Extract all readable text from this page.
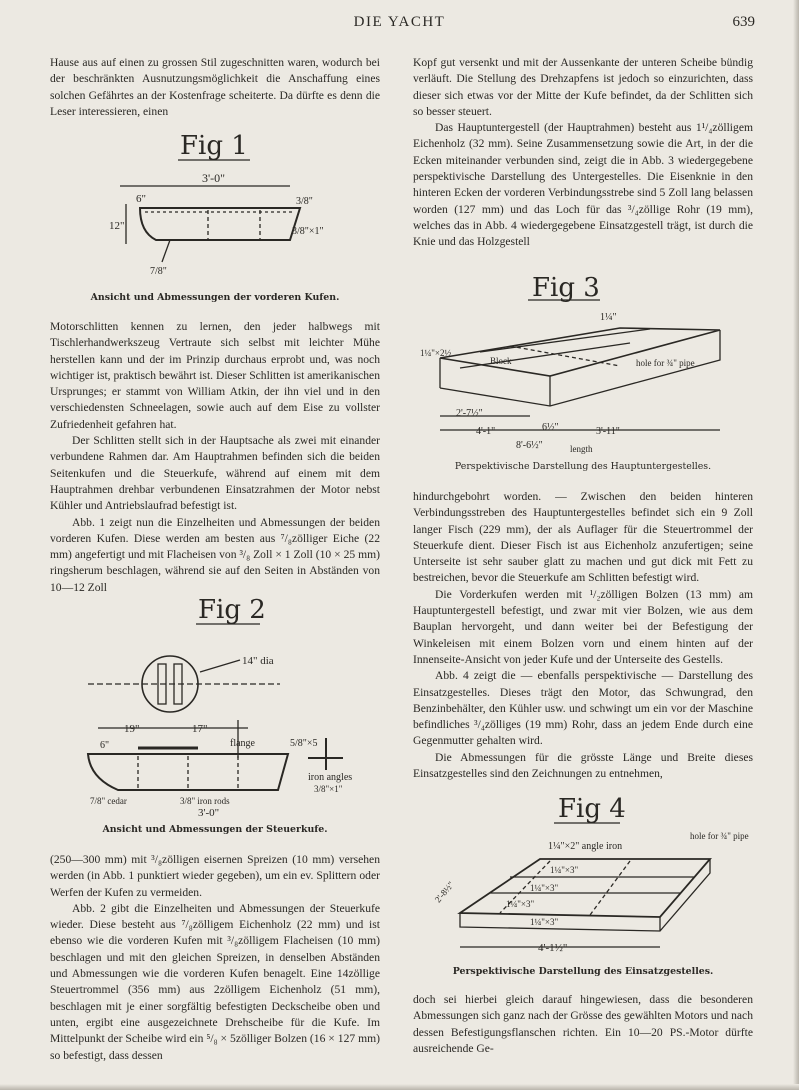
DIE YACHT	639

Hause aus auf einen zu grossen Stil zugeschnitten waren, wodurch bei der beschränkten Ausnutzungsmöglichkeit die Anschaffung eines solchen Gefährtes an der Kostenfrage scheiterte. Da dürfte es denn die Leser interessieren, einen

Fig 1
3'-0"
12"
6"	3/8"
3/8"×1"
7/8"
Ansicht und Abmessungen der vorderen Kufen.

Motorschlitten kennen zu lernen, den jeder halbwegs mit Tischlerhandwerkszeug Vertraute sich selbst mit leichter Mühe herstellen kann und der im Prinzip durchaus erprobt und, was noch wichtiger ist, praktisch bewährt ist. Dieser Schlitten ist amerikanischen Ursprunges; er stammt von William Atkin, der ihn viel und in den verschiedensten Schneelagen, sowie auch auf dem Eise zu vollster Zufriedenheit gefahren hat.

Der Schlitten stellt sich in der Hauptsache als zwei mit einander verbundene Rahmen dar. Am Hauptrahmen befinden sich die beiden Seitenkufen und die Steuerkufe, während auf einem mit dem Hauptrahmen drehbar verbundenen Einsatzrahmen der Motor nebst Kühler und Antriebslaufrad befestigt ist.

Abb. 1 zeigt nun die Einzelheiten und Abmessungen der beiden vorderen Kufen. Diese werden am besten aus ⁷/₈zölliger Eiche (22 mm) angefertigt und mit Flacheisen von ³/₈ Zoll × 1 Zoll (10 × 25 mm) ringsherum beschlagen, während sie auf den Seiten in Abständen von 10—12 Zoll

Fig 2
14" dia
19"	17"
flange	5/8"×5
6"
iron angles
3/8"×1"
3/8" iron rods
7/8" cedar
3'-0"
Ansicht und Abmessungen der Steuerkufe.

(250—300 mm) mit ³/₈zölligen eisernen Spreizen (10 mm) versehen werden (in Abb. 1 punktiert wieder gegeben), um ein ev. Splittern oder Werfen der Kufen zu vermeiden.

Abb. 2 gibt die Einzelheiten und Abmessungen der Steuerkufe wieder. Diese besteht aus ⁷/₈zölligem Eichenholz (22 mm) und ist ebenso wie die vorderen Kufen mit ³/₈zölligem Flacheisen (10 mm) beschlagen und mit den gleichen Spreizen, in denselben Abständen und Abmessungen wie die vorderen Kufen benagelt. Eine 14zöllige Steuertrommel (356 mm) aus 2zölligem Eichenholz (51 mm), beschlagen mit je einer sorgfältig befestigten Deckscheibe oben und unten, ergibt eine ausgezeichnete Drehscheibe für die Kufe. Im Mittelpunkt der Scheibe wird ein ⁵/₈ × 5zölliger Bolzen (16 × 127 mm) so befestigt, dass dessen

Kopf gut versenkt und mit der Aussenkante der unteren Scheibe bündig verläuft. Die Stellung des Drehzapfens ist jedoch so einzurichten, dass dieser sich etwas vor der Mitte der Kufe befindet, da der Schlitten sich so besser steuert.

Das Hauptuntergestell (der Hauptrahmen) besteht aus 1¹/₄zölligem Eichenholz (32 mm). Seine Zusammensetzung sowie die Art, in der die Ecken miteinander verbunden sind, zeigt die in Abb. 3 wiedergegebene perspektivische Darstellung des Untergestelles. Die Eisenknie in den hinteren Ecken der vorderen Verbindungsstrebe sind 5 Zoll lang belassen worden (127 mm) und das Loch für das ³/₄zöllige Rohr (19 mm), welches das in Abb. 4 wiedergegebene Einsatzgestell trägt, ist durch die Knie und das Holzgestell

Fig 3
1¼"
1¼"×2½
Block	hole for ¾" pipe
2'-7½"
4'-1"	6½"	3'-11"
8'-6½"	length
Perspektivische Darstellung des Hauptuntergestelles.

hindurchgebohrt worden. — Zwischen den beiden hinteren Verbindungsstreben des Hauptuntergestelles befindet sich ein 9 Zoll langer Fisch (229 mm), der als Auflager für die Steuertrommel der Steuerkufe dient. Dieser Fisch ist aus Eichenholz anzufertigen; seine Unterseite ist sehr sauber glatt zu machen und gut dick mit Fett zu bestreichen, bevor die Steuerkufe am Schlitten befestigt wird.

Die Vorderkufen werden mit ¹/₂zölligen Bolzen (13 mm) am Hauptuntergestell befestigt, und zwar mit vier Bolzen, wie aus dem Bauplan hervorgeht, und dann weiter bei der Befestigung der Winkeleisen mit einem Bolzen vorn und einem hinten auf der Innenseite-Ansicht von jeder Kufe und der Unterseite des Gestells.

Abb. 4 zeigt die — ebenfalls perspektivische — Darstellung des Einsatzgestelles. Dieses trägt den Motor, das Schwungrad, den Benzinbehälter, den Kühler usw. und schwingt um ein vor der Maschine befindliches ³/₄zölliges (19 mm) Rohr, dass an jedem Ende durch eine Gegenmutter gehalten wird.

Die Abmessungen für die grösste Länge und Breite dieses Einsatzgestelles sind den Zeichnungen zu entnehmen,

Fig 4
1¼"×2" angle iron
hole for ¾" pipe
1¼"×3"
1¼"×3"
1¼"×3"
1¼"×3"
2'-8½"
4'-1½"
Perspektivische Darstellung des Einsatzgestelles.

doch sei hierbei gleich darauf hingewiesen, dass die besonderen Abmessungen sich ganz nach der Grösse des gewählten Motors und nach dessen Befestigungsflanschen richten. Ein 10—20 PS.-Motor dürfte ausreichende Ge-
